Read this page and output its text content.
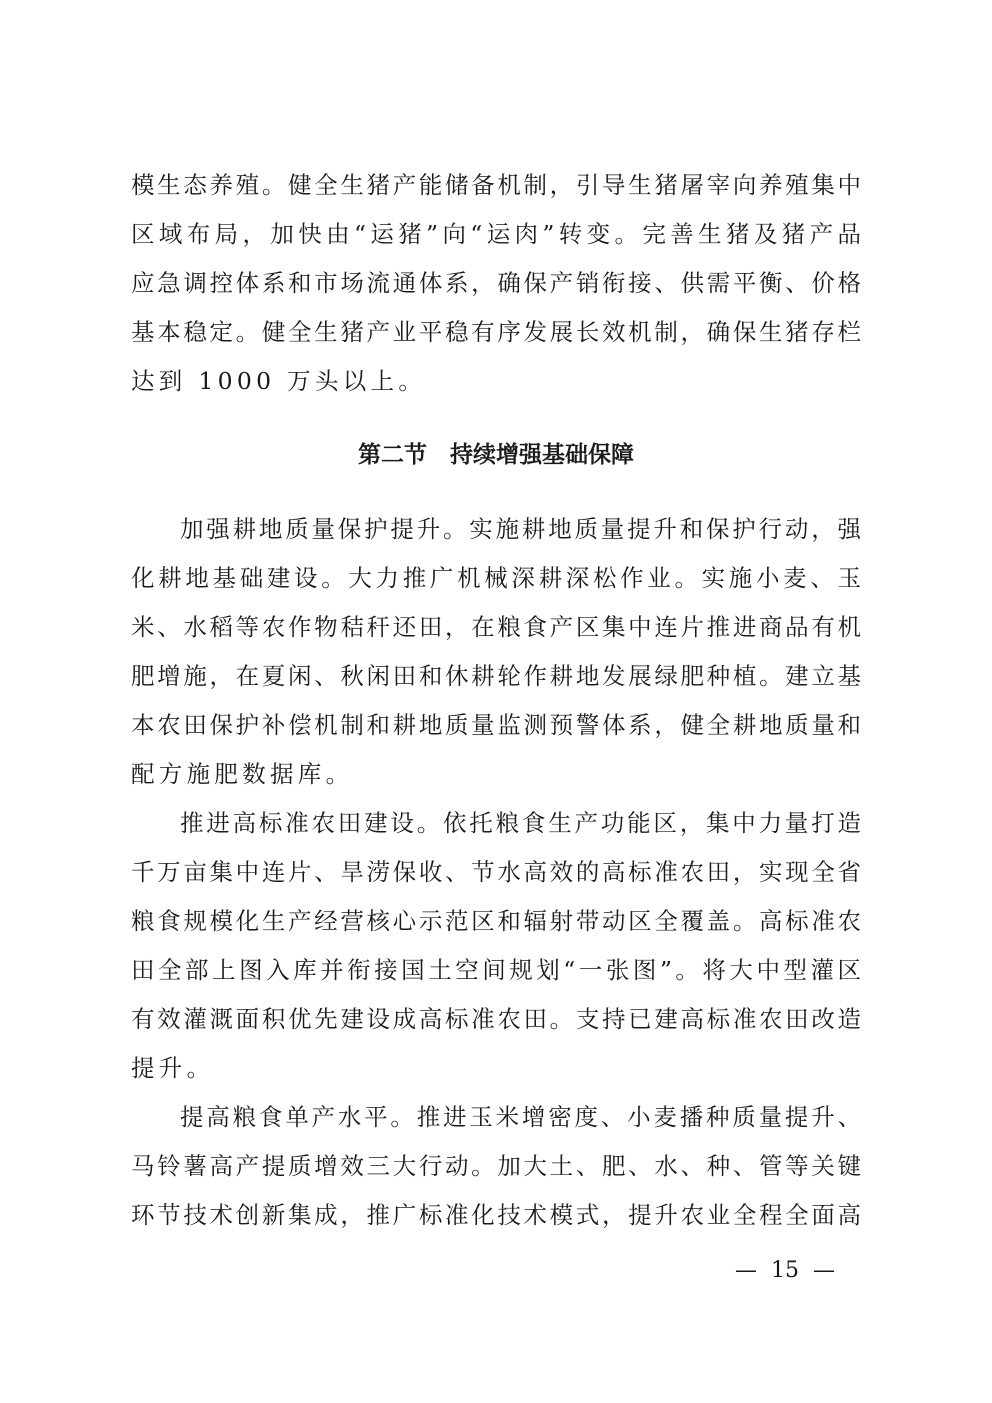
模生态养殖。健全生猪产能储备机制，引导生猪屠宰向养殖集中
区域布局，加快由“运猪”向“运肉”转变。完善生猪及猪产品
应急调控体系和市场流通体系，确保产销衔接、供需平衡、价格
基本稳定。健全生猪产业平稳有序发展长效机制，确保生猪存栏
达到 1000 万头以上。
第二节　持续增强基础保障
加强耕地质量保护提升。实施耕地质量提升和保护行动，强
化耕地基础建设。大力推广机械深耕深松作业。实施小麦、玉
米、水稻等农作物秸秆还田，在粮食产区集中连片推进商品有机
肥增施，在夏闲、秋闲田和休耕轮作耕地发展绿肥种植。建立基
本农田保护补偿机制和耕地质量监测预警体系，健全耕地质量和
配方施肥数据库。
推进高标准农田建设。依托粮食生产功能区，集中力量打造
千万亩集中连片、旱涝保收、节水高效的高标准农田，实现全省
粮食规模化生产经营核心示范区和辐射带动区全覆盖。高标准农
田全部上图入库并衔接国土空间规划“一张图”。将大中型灌区
有效灌溉面积优先建设成高标准农田。支持已建高标准农田改造
提升。
提高粮食单产水平。推进玉米增密度、小麦播种质量提升、
马铃薯高产提质增效三大行动。加大土、肥、水、种、管等关键
环节技术创新集成，推广标准化技术模式，提升农业全程全面高
—  15  —
